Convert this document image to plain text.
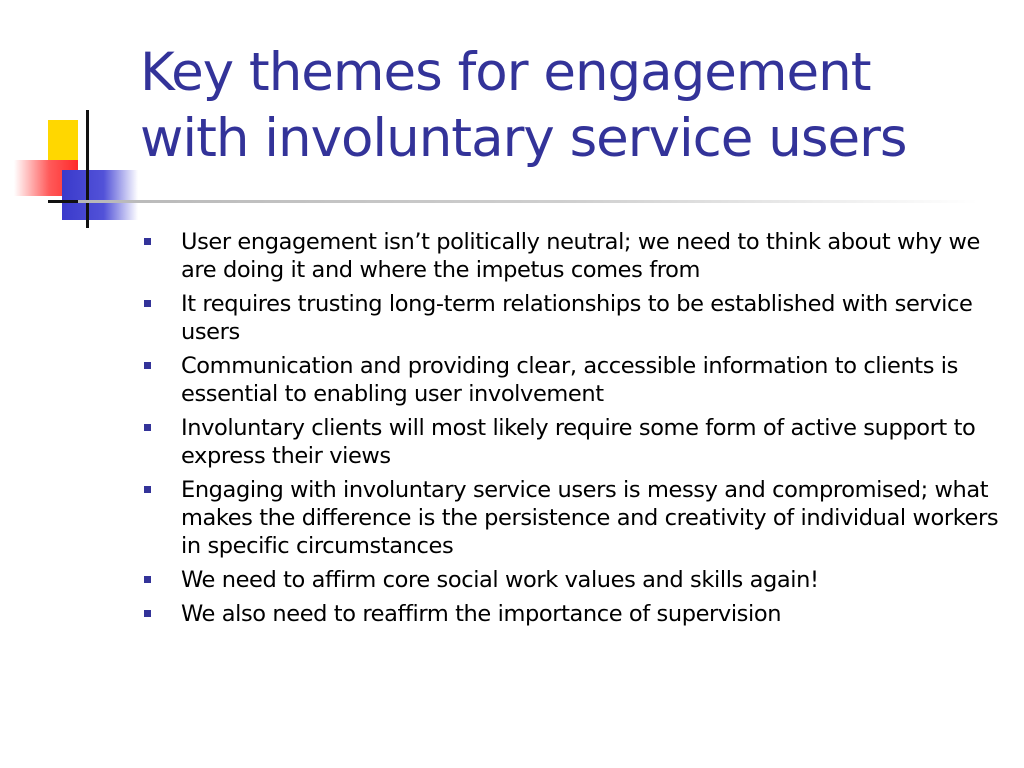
Key themes for engagement
with involuntary service users
User engagement isn’t politically neutral; we need to think about why we are doing it and where the impetus comes from
It requires trusting long-term relationships to be established with service users
Communication and providing clear, accessible information to clients is essential to enabling user involvement
Involuntary clients will most likely require some form of active support to express their views
Engaging with involuntary service users is messy and compromised; what makes the difference is the persistence and creativity of individual workers in specific circumstances
We need to affirm core social work values and skills again!
We also need to reaffirm the importance of supervision
